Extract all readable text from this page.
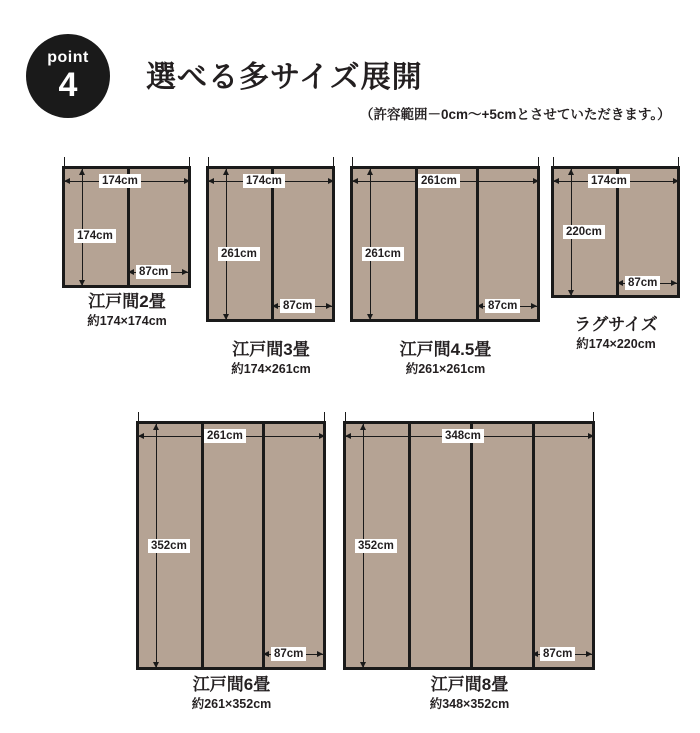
point
4 選べる多サイズ展開
（許容範囲－0cm～+5cmとさせていただきます。）
174cm
174cm
87cm
江戸間2畳
約174×174cm
174cm
261cm
87cm
江戸間3畳
約174×261cm
261cm
261cm
87cm
江戸間4.5畳
約261×261cm
174cm
220cm
87cm
ラグサイズ
約174×220cm
261cm
352cm
87cm
江戸間6畳
約261×352cm
348cm
352cm
87cm
江戸間8畳
約348×352cm
